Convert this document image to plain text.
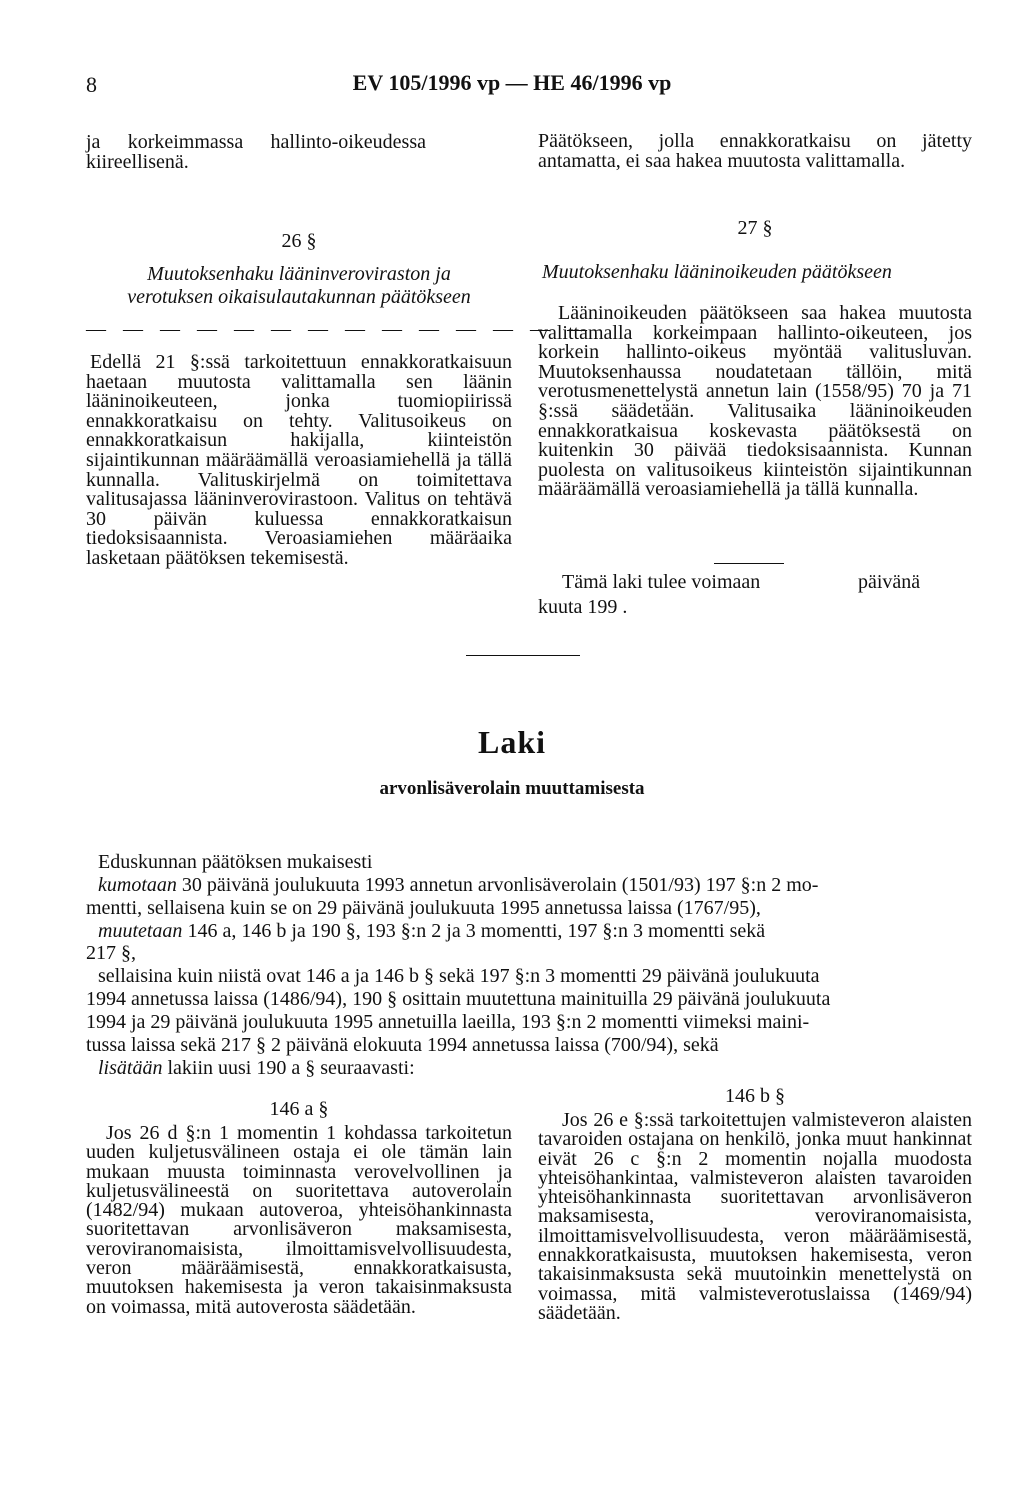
8	EV 105/1996 vp — HE 46/1996 vp

ja korkeimmassa hallinto-oikeudessa kiireellisenä.

26 §
Muutoksenhaku lääninveroviraston ja
verotuksen oikaisulautakunnan päätökseen
— — — — — — — — — — — — — —

Edellä 21 §:ssä tarkoitettuun ennakkoratkaisuun haetaan muutosta valittamalla sen läänin lääninoikeuteen, jonka tuomiopiirissä ennakkoratkaisu on tehty. Valitusoikeus on ennakkoratkaisun hakijalla, kiinteistön sijaintikunnan määräämällä veroasiamiehellä ja tällä kunnalla. Valituskirjelmä on toimitettava valitusajassa lääninverovirastoon. Valitus on tehtävä 30 päivän kuluessa ennakkoratkaisun tiedoksisaannista. Veroasiamiehen määräaika lasketaan päätöksen tekemisestä.

Päätökseen, jolla ennakkoratkaisu on jätetty antamatta, ei saa hakea muutosta valittamalla.

27 §
Muutoksenhaku lääninoikeuden päätökseen

Lääninoikeuden päätökseen saa hakea muutosta valittamalla korkeimpaan hallinto-oikeuteen, jos korkein hallinto-oikeus myöntää valitusluvan. Muutoksenhaussa noudatetaan tällöin, mitä verotusmenettelystä annetun lain (1558/95) 70 ja 71 §:ssä säädetään. Valitusaika lääninoikeuden ennakkoratkaisua koskevasta päätöksestä on kuitenkin 30 päivää tiedoksisaannista. Kunnan puolesta on valitusoikeus kiinteistön sijaintikunnan määräämällä veroasiamiehellä ja tällä kunnalla.

Tämä laki tulee voimaan	päivänä
kuuta 199 .
Laki
arvonlisäverolain muuttamisesta
Eduskunnan päätöksen mukaisesti
kumotaan 30 päivänä joulukuuta 1993 annetun arvonlisäverolain (1501/93) 197 §:n 2 mo-
mentti, sellaisena kuin se on 29 päivänä joulukuuta 1995 annetussa laissa (1767/95),
muutetaan 146 a, 146 b ja 190 §, 193 §:n 2 ja 3 momentti, 197 §:n 3 momentti sekä
217 §,
sellaisina kuin niistä ovat 146 a ja 146 b § sekä 197 §:n 3 momentti 29 päivänä joulukuuta
1994 annetussa laissa (1486/94), 190 § osittain muutettuna mainituilla 29 päivänä joulukuuta
1994 ja 29 päivänä joulukuuta 1995 annetuilla laeilla, 193 §:n 2 momentti viimeksi maini-
tussa laissa sekä 217 § 2 päivänä elokuuta 1994 annetussa laissa (700/94), sekä
lisätään lakiin uusi 190 a § seuraavasti:
146 a §

Jos 26 d §:n 1 momentin 1 kohdassa tarkoitetun uuden kuljetusvälineen ostaja ei ole tämän lain mukaan muusta toiminnasta verovelvollinen ja kuljetusvälineestä on suoritettava autoverolain (1482/94) mukaan autoveroa, yhteisöhankinnasta suoritettavan arvonlisäveron maksamisesta, veroviranomaisista, ilmoittamisvelvollisuudesta, veron määräämisestä, ennakkoratkaisusta, muutoksen hakemisesta ja veron takaisinmaksusta on voimassa, mitä autoverosta säädetään.

146 b §

Jos 26 e §:ssä tarkoitettujen valmisteveron alaisten tavaroiden ostajana on henkilö, jonka muut hankinnat eivät 26 c §:n 2 momentin nojalla muodosta yhteisöhankintaa, valmisteveron alaisten tavaroiden yhteisöhankinnasta suoritettavan arvonlisäveron maksamisesta, veroviranomaisista, ilmoittamisvelvollisuudesta, veron määräämisestä, ennakkoratkaisusta, muutoksen hakemisesta, veron takaisinmaksusta sekä muutoinkin menettelystä on voimassa, mitä valmisteverotuslaissa (1469/94) säädetään.
